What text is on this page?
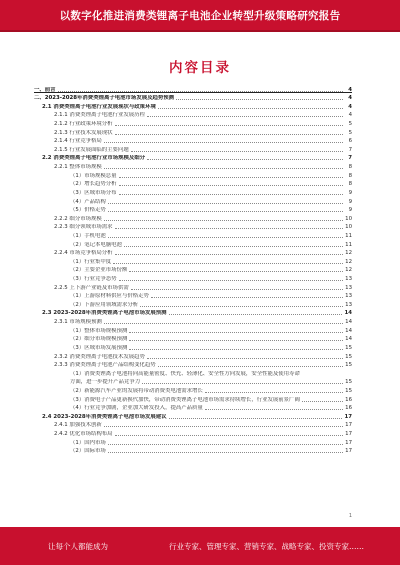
以数字化推进消费类锂离子电池企业转型升级策略研究报告
内容目录
一、前言	4
二、2023-2028年消费类锂离子电池市场发展及趋势预测	4
2.1 消费类锂离子电池行业发展现状与政策环境	4
2.1.1 消费类锂离子电池行业发展历程	4
2.1.2 行业政策环境分析	5
2.1.3 行业技术发展现状	5
2.1.4 行业竞争格局	6
2.1.5 行业发展面临的主要问题	7
2.2 消费类锂离子电池行业市场规模及细分	7
2.2.1 整体市场规模	8
（1）市场规模总量	8
（2）增长趋势分析	8
（3）区域市场分布	9
（4）产品结构	9
（5）价格走势	9
2.2.2 细分市场规模	10
2.2.3 细分领域市场需求	10
（1）手机电池	11
（2）笔记本电脑电池	11
2.2.4 市场竞争格局分析	12
（1）行业集中度	12
（2）主要企业市场份额	12
（3）行业竞争态势	13
2.2.5 上下游产业链及市场供需	13
（1）上游原材料供应与价格走势	13
（2）下游应用领域需求分析	13
2.3 2023-2028年消费类锂离子电池市场发展预测	14
2.3.1 市场规模预测	14
（1）整体市场规模预测	14
（2）细分市场规模预测	14
（3）区域市场发展预测	15
2.3.2 消费类锂离子电池技术发展趋势	15
2.3.3 消费类锂离子电池产品结构变化趋势	15
（1）消费类锂离子电池将向高能量密度、快充、轻薄化、安全性方向发展，安全性能及使用寿命
方面，进一步提升产品竞争力	15
（2）新能源汽车产业的发展将带动消费类电池需求增长	15
（3）消费电子产品更新换代加快，带动消费类锂离子电池市场需求持续增长，行业发展前景广阔	16
（4）行业竞争加剧，企业加大研发投入，提高产品质量	16
2.4 2023-2028年消费类锂离子电池市场发展建议	17
2.4.1 加强技术创新	17
2.4.2 优化市场结构布局	17
（1）国内市场	17
（2）国际市场	17
1
让每个人都能成为	行业专家、管理专家、营销专家、战略专家、投资专家……
